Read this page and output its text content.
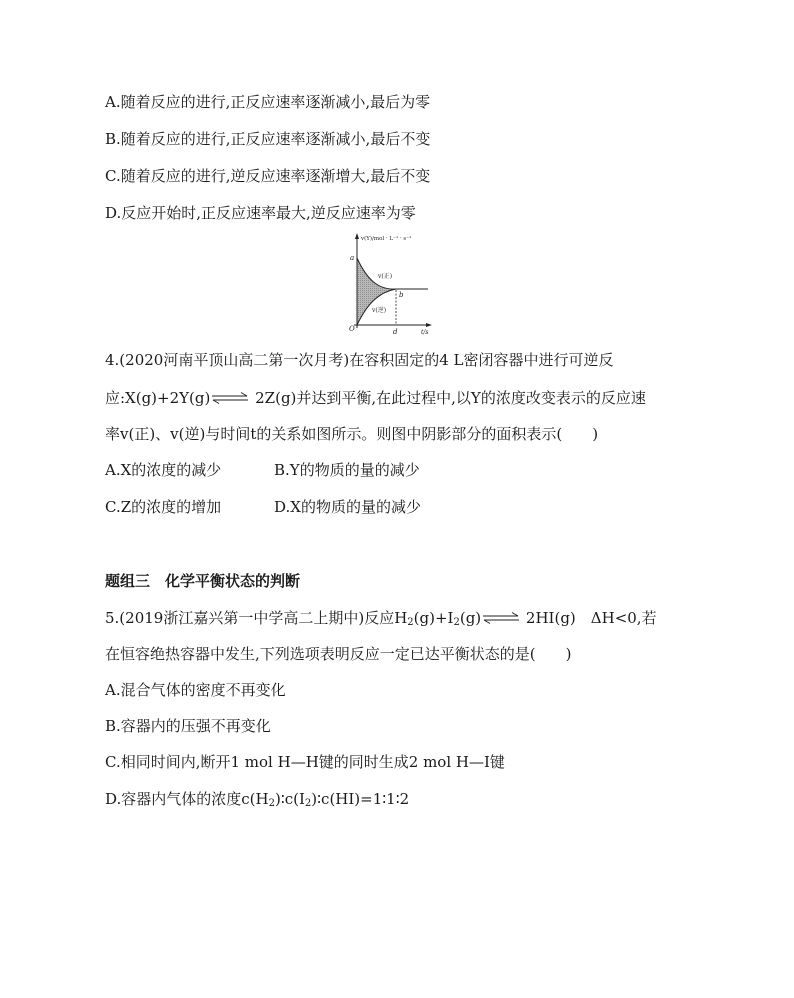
A.随着反应的进行,正反应速率逐渐减小,最后为零
B.随着反应的进行,正反应速率逐渐减小,最后不变
C.随着反应的进行,逆反应速率逐渐增大,最后不变
D.反应开始时,正反应速率最大,逆反应速率为零
v(Y)/mol · L⁻¹ · s⁻¹
a
v(正)
b
v(逆)
O	d	t/s
4.(2020河南平顶山高二第一次月考)在容积固定的4 L密闭容器中进行可逆反
应:X(g)+2Y(g)⇌ 2Z(g)并达到平衡,在此过程中,以Y的浓度改变表示的反应速
率v(正)、v(逆)与时间t的关系如图所示。则图中阴影部分的面积表示(　　)
A.X的浓度的减少	B.Y的物质的量的减少
C.Z的浓度的增加	D.X的物质的量的减少
题组三　化学平衡状态的判断
5.(2019浙江嘉兴第一中学高二上期中)反应$H_2(g)+I_2(g)\rightleftharpoons$ 2HI(g)　ΔH<0,若
在恒容绝热容器中发生,下列选项表明反应一定已达平衡状态的是(　　)
A.混合气体的密度不再变化
B.容器内的压强不再变化
C.相同时间内,断开1 mol H—H键的同时生成2 mol H—I键
D.容器内气体的浓度$c(H_2)∶c(I_2)∶c(HI)=1∶1∶2$
